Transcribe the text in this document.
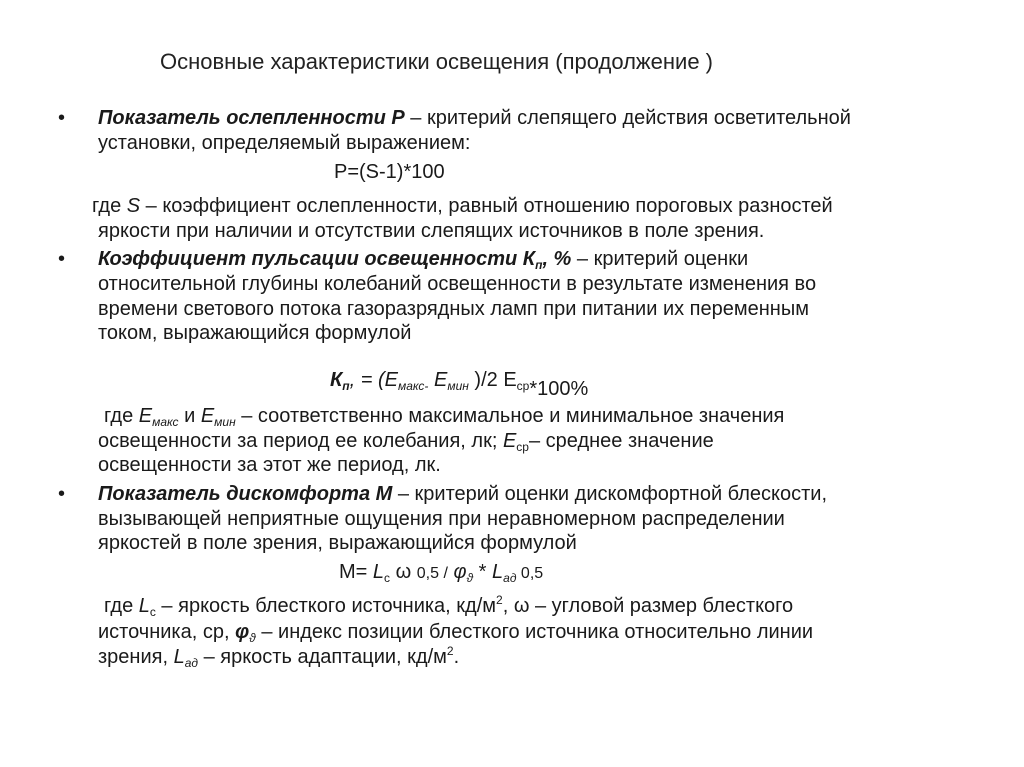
Основные характеристики освещения (продолжение )
• Показатель ослепленности Р – критерий слепящего действия осветительной
установки, определяемый выражением:
Р=(S-1)*100
где S – коэффициент ослепленности, равный отношению пороговых разностей
яркости при наличии и отсутствии слепящих источников в поле зрения.
• Коэффициент пульсации освещенности $К_п$, % – критерий оценки
относительной глубины колебаний освещенности в результате изменения во
времени светового потока газоразрядных ламп при питании их переменным
током, выражающийся формулой
$К_п$, = ($Е_{макс-}$ $Е_{мин}$ )/2 $Е_{ср}*100\%$
где $Е_{макс}$ и $Е_{мин}$ – соответственно максимальное и минимальное значения
освещенности за период ее колебания, лк; $Е_{ср}-$ среднее значение
освещенности за этот же период, лк.
• Показатель дискомфорта М – критерий оценки дискомфортной блескости,
вызывающей неприятные ощущения при неравномерном распределении
яркостей в поле зрения, выражающийся формулой
$М= L_с$ ω $0,5 / \varphi_ϑ * L_{ад}$ 0,5
где $L_с$ – яркость блесткого источника, $кд/м^2$, ω – угловой размер блесткого
источника, ср, $\varphi_ϑ$ – индекс позиции блесткого источника относительно линии
зрения, $L_{ад}$ – яркость адаптации, $кд/м^2$.
